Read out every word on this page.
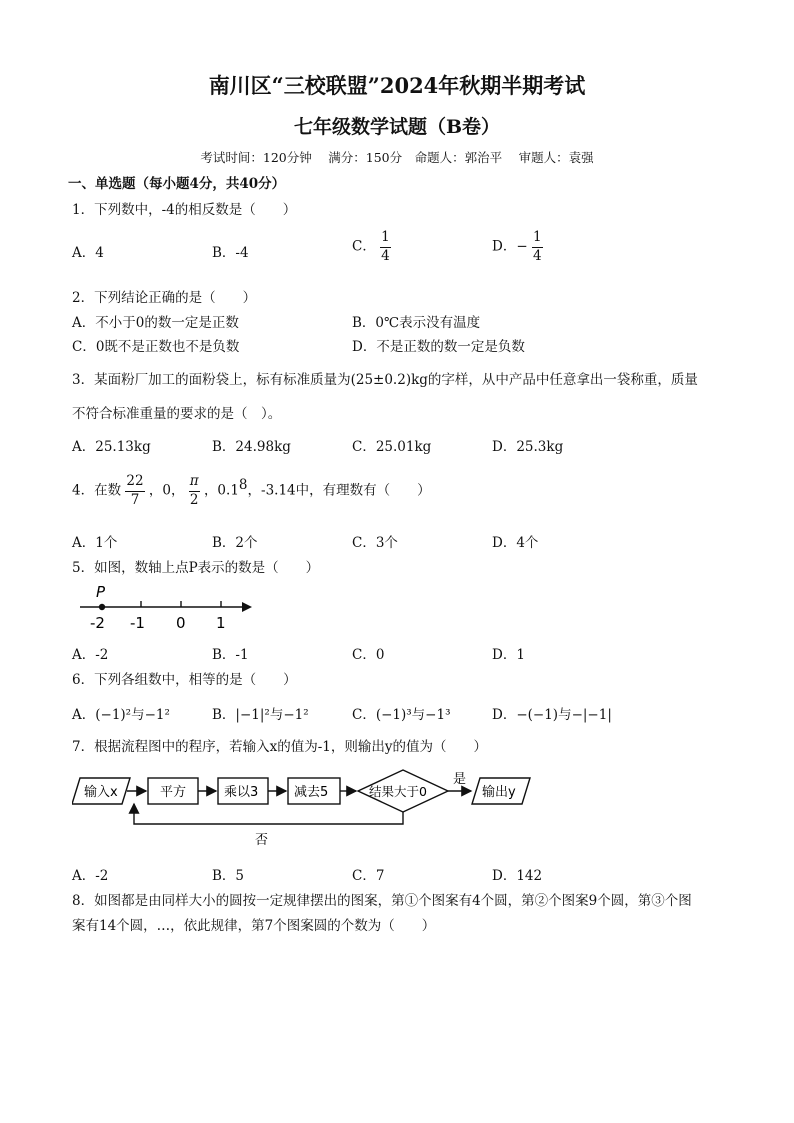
南川区“三校联盟”2024年秋期半期考试
七年级数学试题（B卷）
考试时间：120分钟　 满分：150分　命题人：郭治平　 审题人：袁强
一、单选题（每小题4分，共40分）
1．下列数中，-4的相反数是（　　）
A．4	B．-4	C． $\frac{1}{4}$	D．− $\frac{1}{4}$
2．下列结论正确的是（　　）
A．不小于0的数一定是正数	B．0℃表示没有温度
C．0既不是正数也不是负数	D．不是正数的数一定是负数
3．某面粉厂加工的面粉袋上，标有标准质量为(25±0.2)kg的字样，从中产品中任意拿出一袋称重，质量
不符合标准重量的要求的是（　）。
A．25.13kg	B．24.98kg	C．25.01kg	D．25.3kg
4．在数 $\frac{22}{7}$ ，0， $\frac{\pi}{2}$ ，0.18，-3.14中，有理数有（　　）
A．1个	B．2个	C．3个	D．4个
5．如图，数轴上点P表示的数是（　　）
P
-2 -1 0 1
A．-2	B．-1	C．0	D．1
6．下列各组数中，相等的是（　　）
A．(−1)²与−1²	B．|−1|²与−1²	C．(−1)³与−1³	D．−(−1)与−|−1|
7．根据流程图中的程序，若输入x的值为-1，则输出y的值为（　　）
输入x	平方	乘以3	减去5	结果大于0
是
输出y
否
A．-2	B．5	C．7	D．142
8．如图都是由同样大小的圆按一定规律摆出的图案，第①个图案有4个圆，第②个图案9个圆，第③个图
案有14个圆，…，依此规律，第7个图案圆的个数为（　　）
